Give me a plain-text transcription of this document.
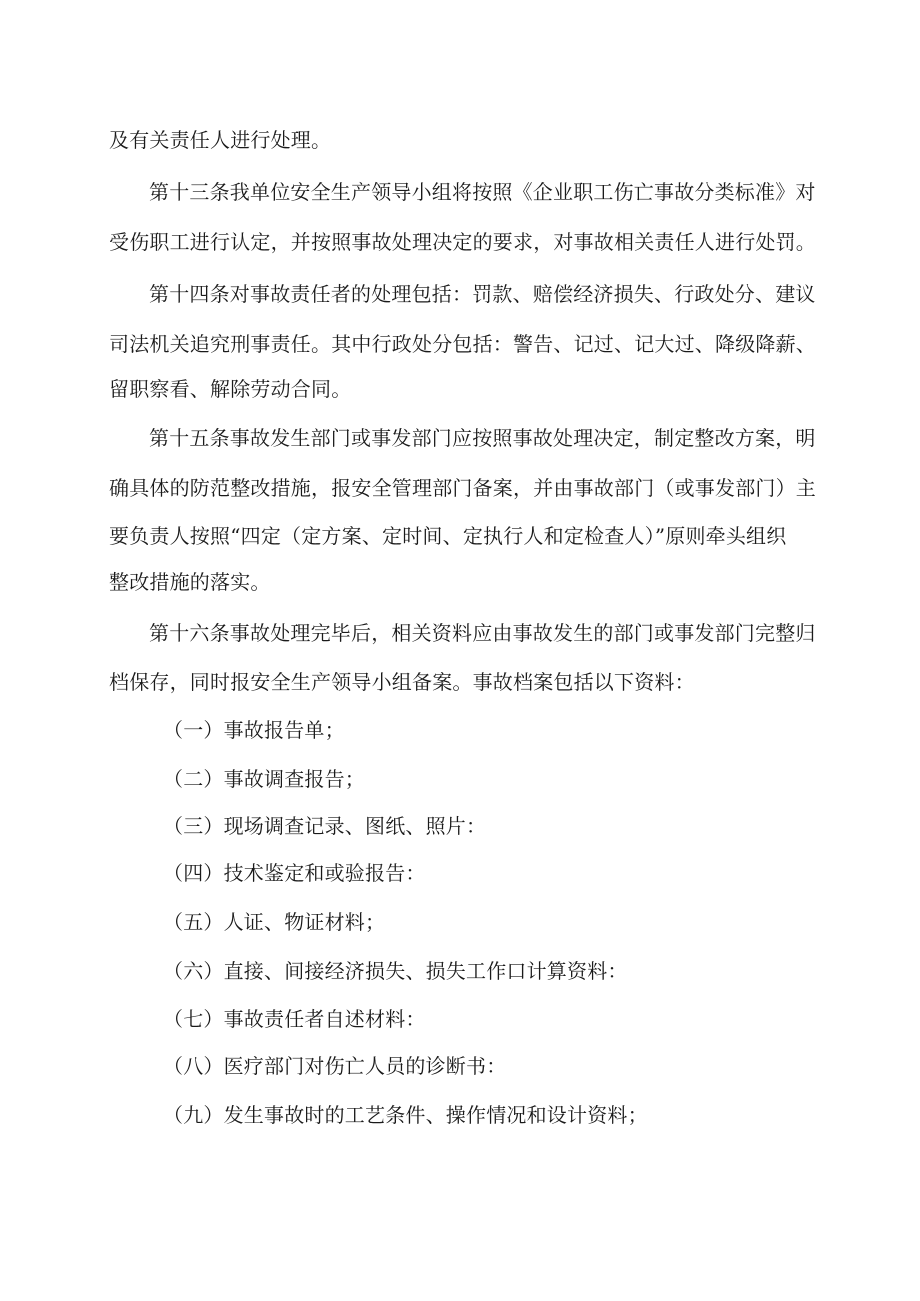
及有关责任人进行处理。
第十三条我单位安全生产领导小组将按照《企业职工伤亡事故分类标准》对
受伤职工进行认定，并按照事故处理决定的要求，对事故相关责任人进行处罚。
第十四条对事故责任者的处理包括：罚款、赔偿经济损失、行政处分、建议
司法机关追究刑事责任。其中行政处分包括：警告、记过、记大过、降级降薪、
留职察看、解除劳动合同。
第十五条事故发生部门或事发部门应按照事故处理决定，制定整改方案，明
确具体的防范整改措施，报安全管理部门备案，并由事故部门（或事发部门）主
要负责人按照“四定（定方案、定时间、定执行人和定检查人）”原则牵头组织
整改措施的落实。
第十六条事故处理完毕后，相关资料应由事故发生的部门或事发部门完整归
档保存，同时报安全生产领导小组备案。事故档案包括以下资料：
（一）事故报告单；
（二）事故调查报告；
（三）现场调查记录、图纸、照片：
（四）技术鉴定和或验报告：
（五）人证、物证材料；
（六）直接、间接经济损失、损失工作口计算资料：
（七）事故责任者自述材料：
（八）医疗部门对伤亡人员的诊断书：
（九）发生事故时的工艺条件、操作情况和设计资料；
